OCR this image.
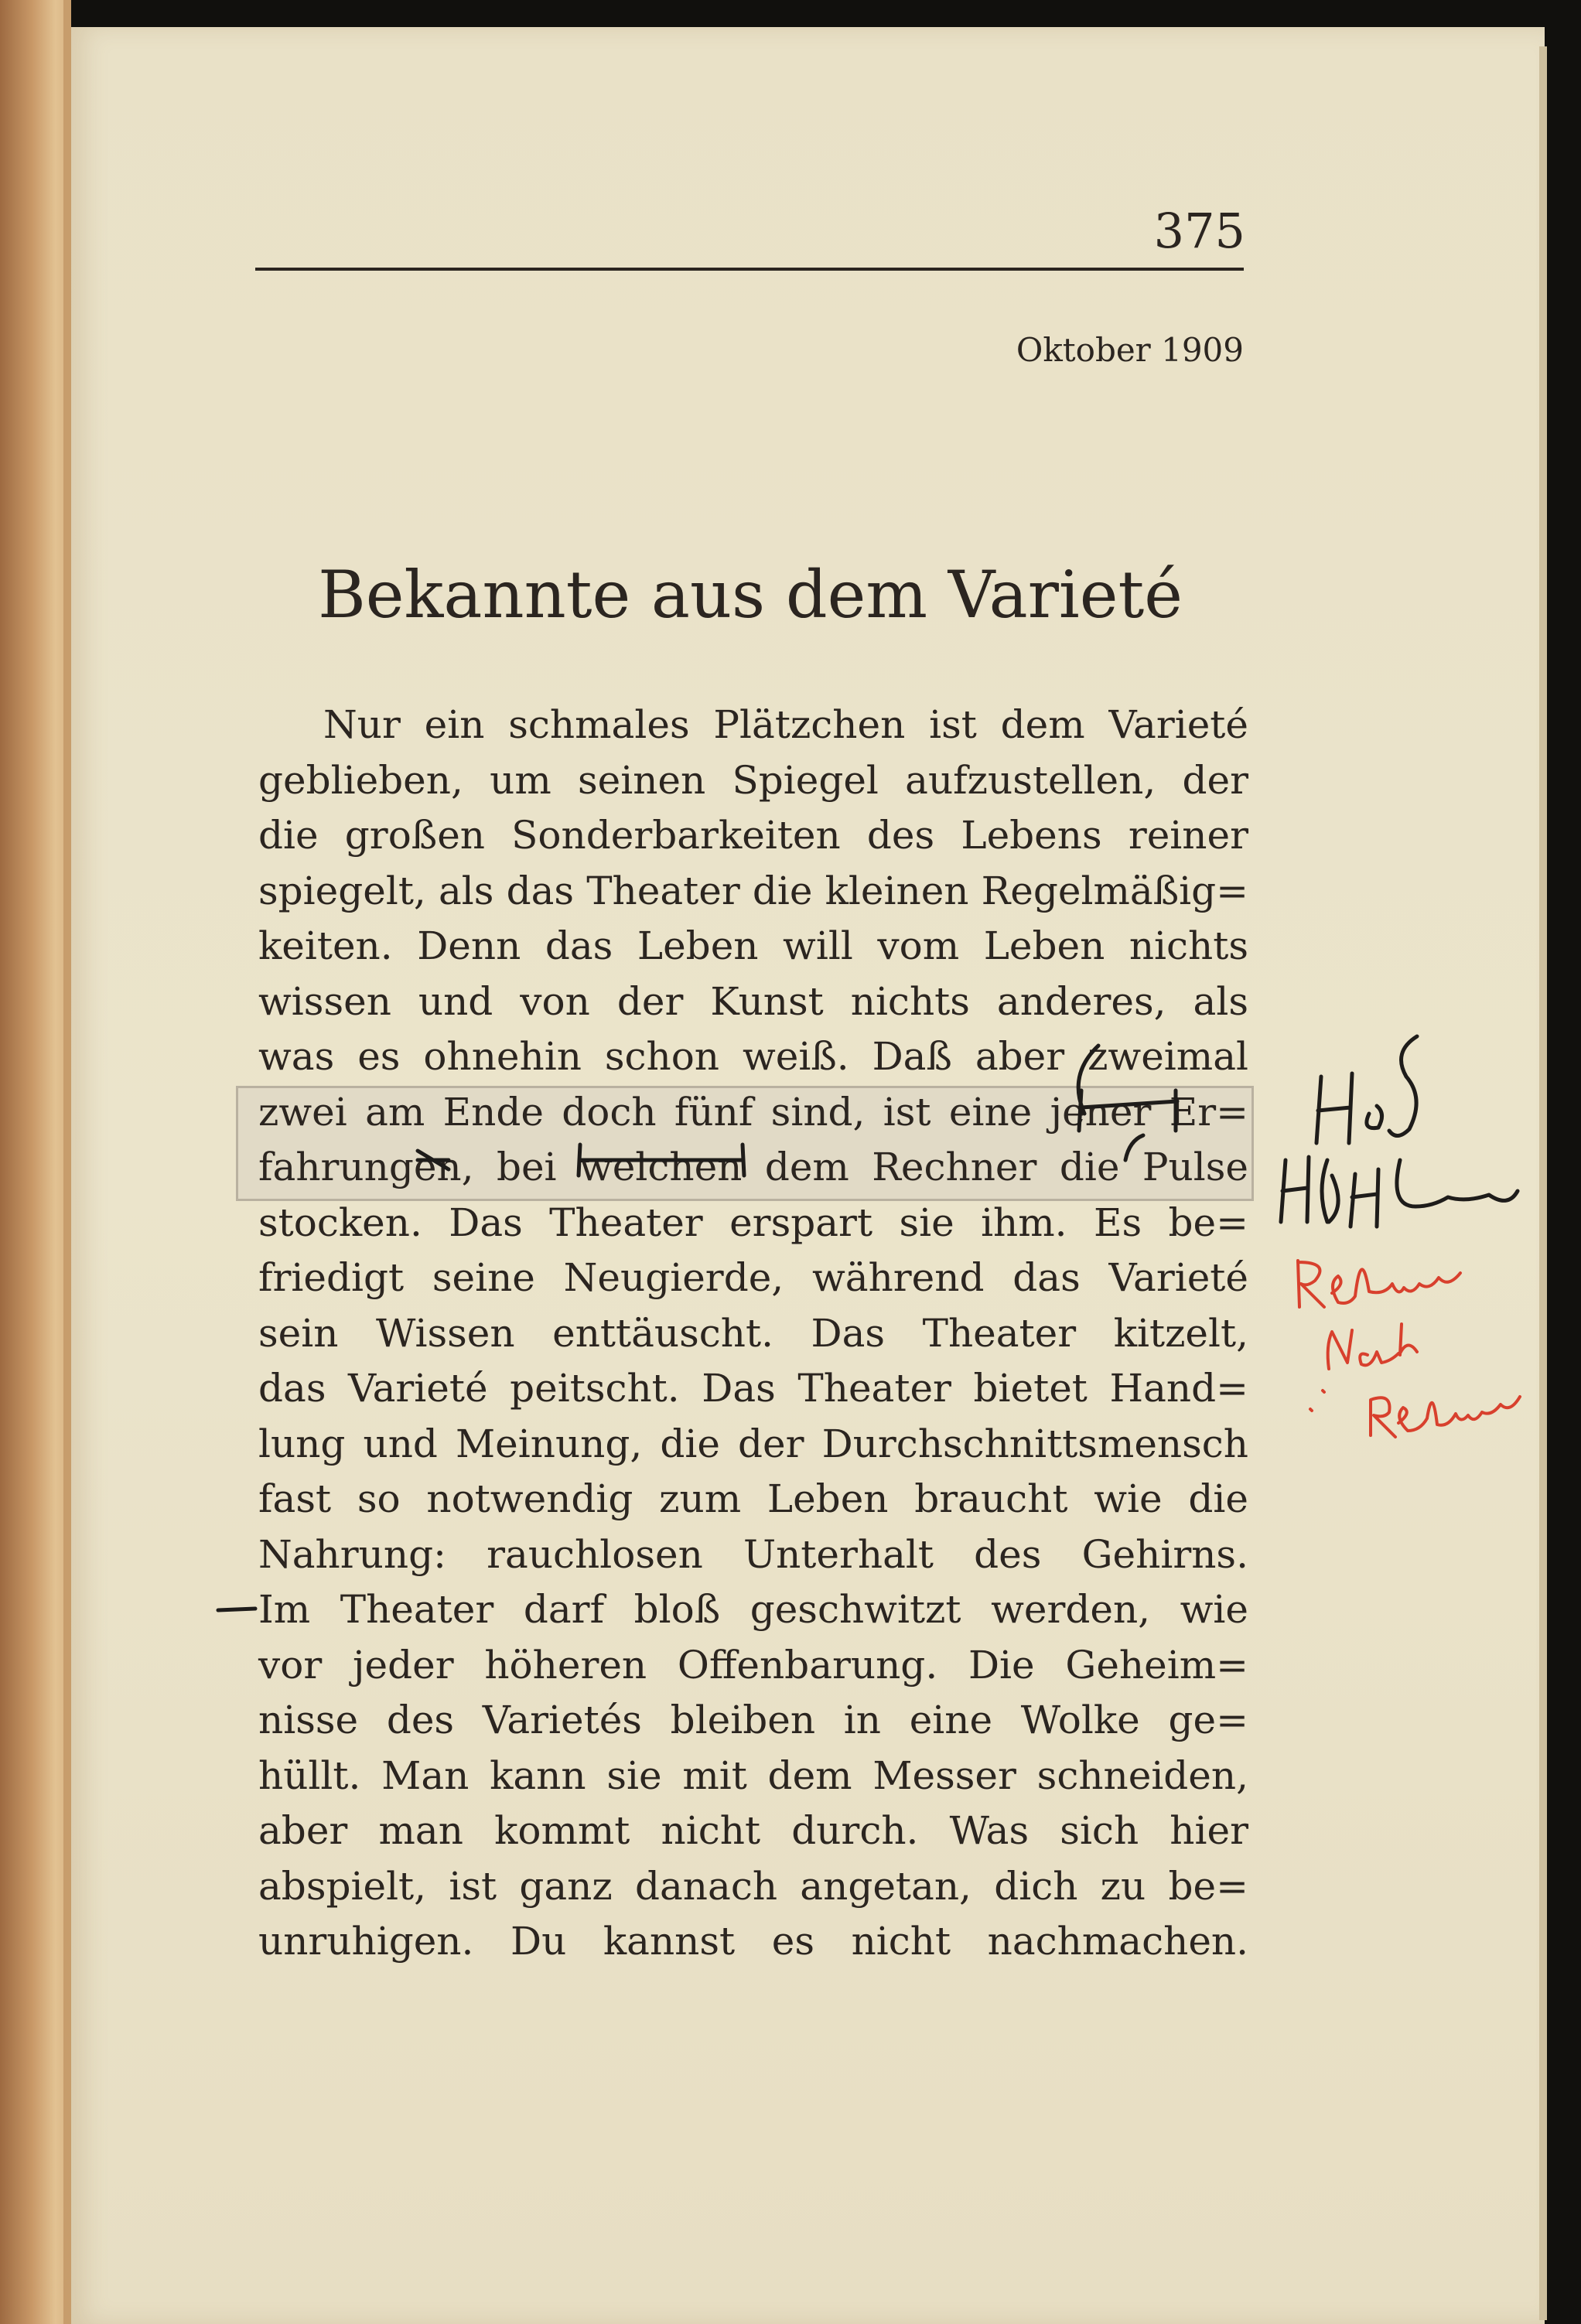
375
Oktober 1909
Bekannte aus dem Varieté
Nur ein schmales Plätzchen ist dem Varieté
geblieben, um seinen Spiegel aufzustellen, der
die großen Sonderbarkeiten des Lebens reiner
spiegelt, als das Theater die kleinen Regelmäßig=
keiten. Denn das Leben will vom Leben nichts
wissen und von der Kunst nichts anderes, als
was es ohnehin schon weiß. Daß aber zweimal
zwei am Ende doch fünf sind, ist eine jener Er=
fahrungen, bei welchen dem Rechner die Pulse
stocken. Das Theater erspart sie ihm. Es be=
friedigt seine Neugierde, während das Varieté
sein Wissen enttäuscht. Das Theater kitzelt,
das Varieté peitscht. Das Theater bietet Hand=
lung und Meinung, die der Durchschnittsmensch
fast so notwendig zum Leben braucht wie die
Nahrung: rauchlosen Unterhalt des Gehirns.
Im Theater darf bloß geschwitzt werden, wie
vor jeder höheren Offenbarung. Die Geheim=
nisse des Varietés bleiben in eine Wolke ge=
hüllt. Man kann sie mit dem Messer schneiden,
aber man kommt nicht durch. Was sich hier
abspielt, ist ganz danach angetan, dich zu be=
unruhigen. Du kannst es nicht nachmachen.
